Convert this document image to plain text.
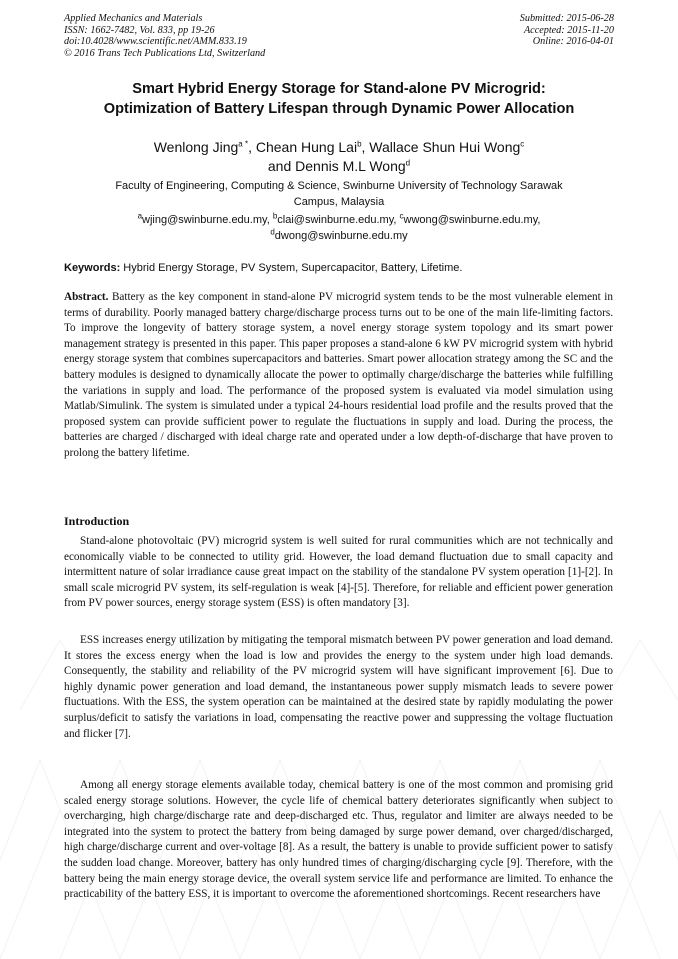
Applied Mechanics and Materials
ISSN: 1662-7482, Vol. 833, pp 19-26
doi:10.4028/www.scientific.net/AMM.833.19
© 2016 Trans Tech Publications Ltd, Switzerland
Submitted: 2015-06-28
Accepted: 2015-11-20
Online: 2016-04-01
Smart Hybrid Energy Storage for Stand-alone PV Microgrid:
Optimization of Battery Lifespan through Dynamic Power Allocation
Wenlong Jing$^{a *}$, Chean Hung Lai$^b$, Wallace Shun Hui Wong$^c$
and Dennis M.L Wong$^d$
Faculty of Engineering, Computing & Science, Swinburne University of Technology Sarawak
Campus, Malaysia
$^a$wjing@swinburne.edu.my, $^b$clai@swinburne.edu.my, $^c$wwong@swinburne.edu.my,
$^d$dwong@swinburne.edu.my
Keywords: Hybrid Energy Storage, PV System, Supercapacitor, Battery, Lifetime.
Abstract. Battery as the key component in stand-alone PV microgrid system tends to be the most vulnerable element in terms of durability. Poorly managed battery charge/discharge process turns out to be one of the main life-limiting factors. To improve the longevity of battery storage system, a novel energy storage system topology and its smart power management strategy is presented in this paper. This paper proposes a stand-alone 6 kW PV microgrid system with hybrid energy storage system that combines supercapacitors and batteries. Smart power allocation strategy among the SC and the battery modules is designed to dynamically allocate the power to optimally charge/discharge the batteries while fulfilling the variations in supply and load. The performance of the proposed system is evaluated via model simulation using Matlab/Simulink. The system is simulated under a typical 24-hours residential load profile and the results proved that the proposed system can provide sufficient power to regulate the fluctuations in supply and load. During the process, the batteries are charged / discharged with ideal charge rate and operated under a low depth-of-discharge that have proven to prolong the battery lifetime.
Introduction
Stand-alone photovoltaic (PV) microgrid system is well suited for rural communities which are not technically and economically viable to be connected to utility grid. However, the load demand fluctuation due to small capacity and intermittent nature of solar irradiance cause great impact on the stability of the standalone PV system operation [1]-[2]. In small scale microgrid PV system, its self-regulation is weak [4]-[5]. Therefore, for reliable and efficient power generation from PV power sources, energy storage system (ESS) is often mandatory [3].
ESS increases energy utilization by mitigating the temporal mismatch between PV power generation and load demand. It stores the excess energy when the load is low and provides the energy to the system under high load demands. Consequently, the stability and reliability of the PV microgrid system will have significant improvement [6]. Due to highly dynamic power generation and load demand, the instantaneous power supply mismatch leads to severe power fluctuations. With the ESS, the system operation can be maintained at the desired state by rapidly modulating the power surplus/deficit to satisfy the variations in load, compensating the reactive power and suppressing the voltage fluctuation and flicker [7].
Among all energy storage elements available today, chemical battery is one of the most common and promising grid scaled energy storage solutions. However, the cycle life of chemical battery deteriorates significantly when subject to overcharging, high charge/discharge rate and deep-discharged etc. Thus, regulator and limiter are always needed to be integrated into the system to protect the battery from being damaged by surge power demand, over charged/discharged, high charge/discharge current and over-voltage [8]. As a result, the battery is unable to provide sufficient power to satisfy the sudden load change. Moreover, battery has only hundred times of charging/discharging cycle [9]. Therefore, with the battery being the main energy storage device, the overall system service life and performance are limited. To enhance the practicability of the battery ESS, it is important to overcome the aforementioned shortcomings. Recent researchers have
